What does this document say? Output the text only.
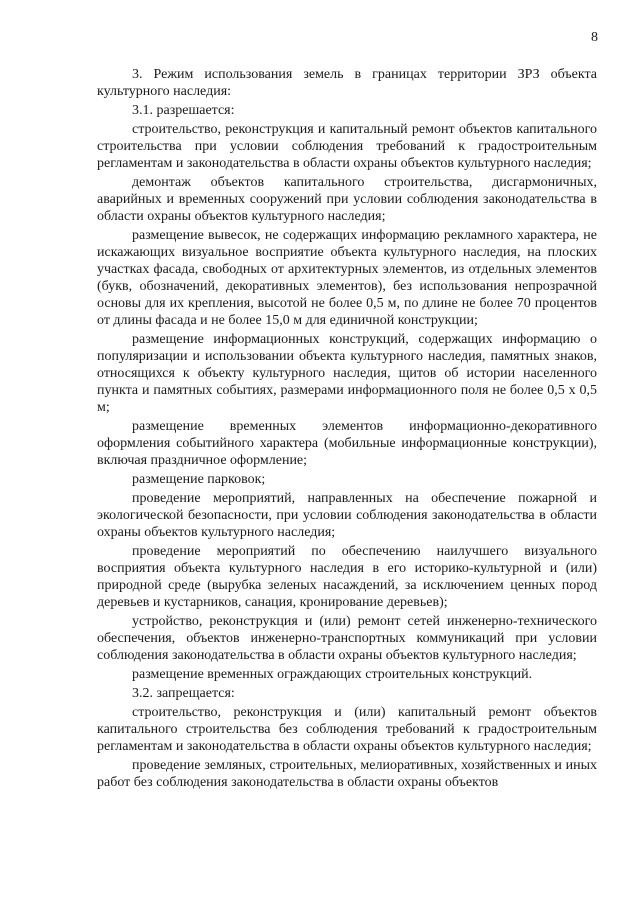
8

3. Режим использования земель в границах территории ЗРЗ объекта культурного наследия:

3.1. разрешается:

строительство, реконструкция и капитальный ремонт объектов капитального строительства при условии соблюдения требований к градостроительным регламентам и законодательства в области охраны объектов культурного наследия;

демонтаж объектов капитального строительства, дисгармоничных, аварийных и временных сооружений при условии соблюдения законодательства в области охраны объектов культурного наследия;

размещение вывесок, не содержащих информацию рекламного характера, не искажающих визуальное восприятие объекта культурного наследия, на плоских участках фасада, свободных от архитектурных элементов, из отдельных элементов (букв, обозначений, декоративных элементов), без использования непрозрачной основы для их крепления, высотой не более 0,5 м, по длине не более 70 процентов от длины фасада и не более 15,0 м для единичной конструкции;

размещение информационных конструкций, содержащих информацию о популяризации и использовании объекта культурного наследия, памятных знаков, относящихся к объекту культурного наследия, щитов об истории населенного пункта и памятных событиях, размерами информационного поля не более 0,5 х 0,5 м;

размещение временных элементов информационно-декоративного оформления событийного характера (мобильные информационные конструкции), включая праздничное оформление;

размещение парковок;

проведение мероприятий, направленных на обеспечение пожарной и экологической безопасности, при условии соблюдения законодательства в области охраны объектов культурного наследия;

проведение мероприятий по обеспечению наилучшего визуального восприятия объекта культурного наследия в его историко-культурной и (или) природной среде (вырубка зеленых насаждений, за исключением ценных пород деревьев и кустарников, санация, кронирование деревьев);

устройство, реконструкция и (или) ремонт сетей инженерно-технического обеспечения, объектов инженерно-транспортных коммуникаций при условии соблюдения законодательства в области охраны объектов культурного наследия;

размещение временных ограждающих строительных конструкций.

3.2. запрещается:

строительство, реконструкция и (или) капитальный ремонт объектов капитального строительства без соблюдения требований к градостроительным регламентам и законодательства в области охраны объектов культурного наследия;

проведение земляных, строительных, мелиоративных, хозяйственных и иных работ без соблюдения законодательства в области охраны объектов
